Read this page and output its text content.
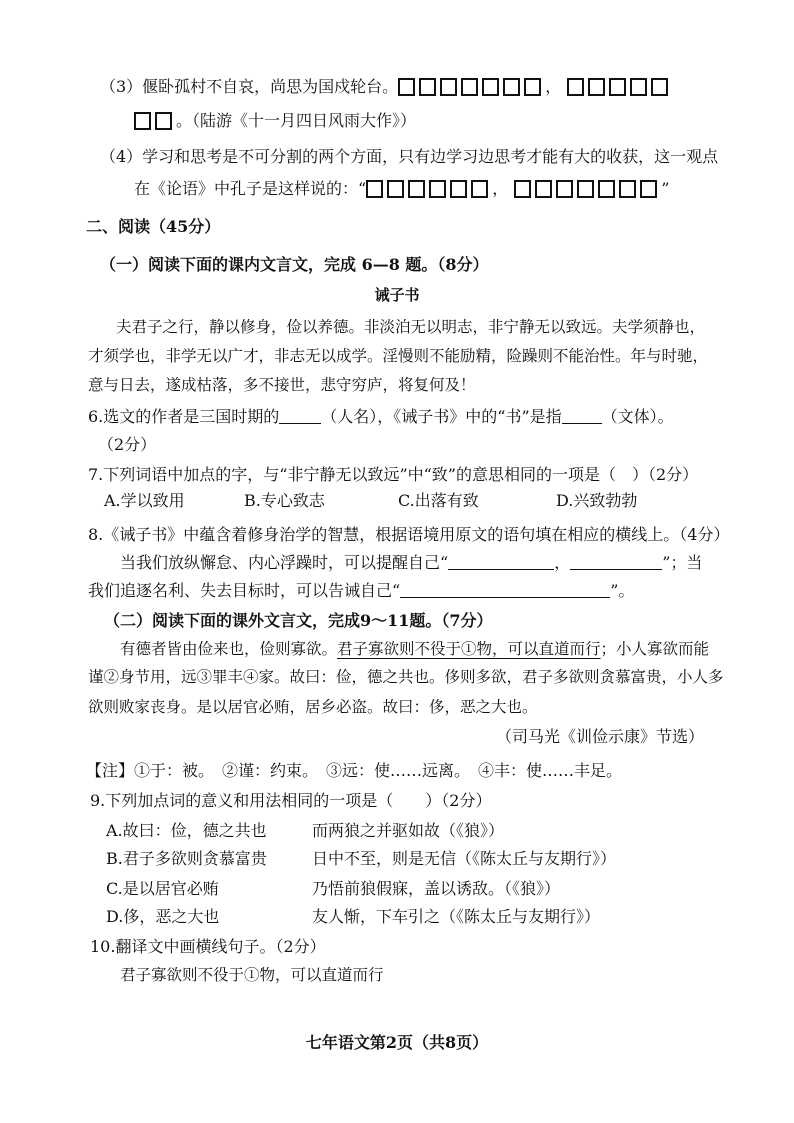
（3）偃卧孤村不自哀，尚思为国戍轮台。	，
。（陆游《十一月四日风雨大作》）
（4）学习和思考是不可分割的两个方面，只有边学习边思考才能有大的收获，这一观点
在《论语》中孔子是这样说的：“	，	”
二、阅读（45分）
（一）阅读下面的课内文言文，完成 6—8 题。（8分）
诫子书
夫君子之行，静以修身，俭以养德。非淡泊无以明志，非宁静无以致远。夫学须静也，
才须学也，非学无以广才，非志无以成学。淫慢则不能励精，险躁则不能治性。年与时驰，
意与日去，遂成枯落，多不接世，悲守穷庐，将复何及！
6.选文的作者是三国时期的	（人名），《诫子书》中的“书”是指	（文体）。
（2分）
7.下列词语中加点的字，与“非宁静无以致远”中“致”的意思相同的一项是（　）（2分）
A.学以致用	B.专心致志	C.出落有致	D.兴致勃勃
8.《诫子书》中蕴含着修身治学的智慧，根据语境用原文的语句填在相应的横线上。（4分）
当我们放纵懈怠、内心浮躁时，可以提醒自己“	，	”；当
我们追逐名利、失去目标时，可以告诫自己“	”。
（二）阅读下面的课外文言文，完成9～11题。（7分）
有德者皆由俭来也，俭则寡欲。君子寡欲则不役于①物，可以直道而行；小人寡欲而能
谨②身节用，远③罪丰④家。故曰：俭，德之共也。侈则多欲，君子多欲则贪慕富贵，小人多
欲则败家丧身。是以居官必贿，居乡必盗。故曰：侈，恶之大也。
（司马光《训俭示康》节选）
【注】①于：被。　②谨：约束。　③远：使……远离。　④丰：使……丰足。
9.下列加点词的意义和用法相同的一项是（　　）（2分）
A.故曰：俭，德之共也	而两狼之并驱如故（《狼》）
B.君子多欲则贪慕富贵	日中不至，则是无信（《陈太丘与友期行》）
C.是以居官必贿	乃悟前狼假寐，盖以诱敌。（《狼》）
D.侈，恶之大也	友人惭，下车引之（《陈太丘与友期行》）
10.翻译文中画横线句子。（2分）
君子寡欲则不役于①物，可以直道而行
七年语文第2页（共8页）
